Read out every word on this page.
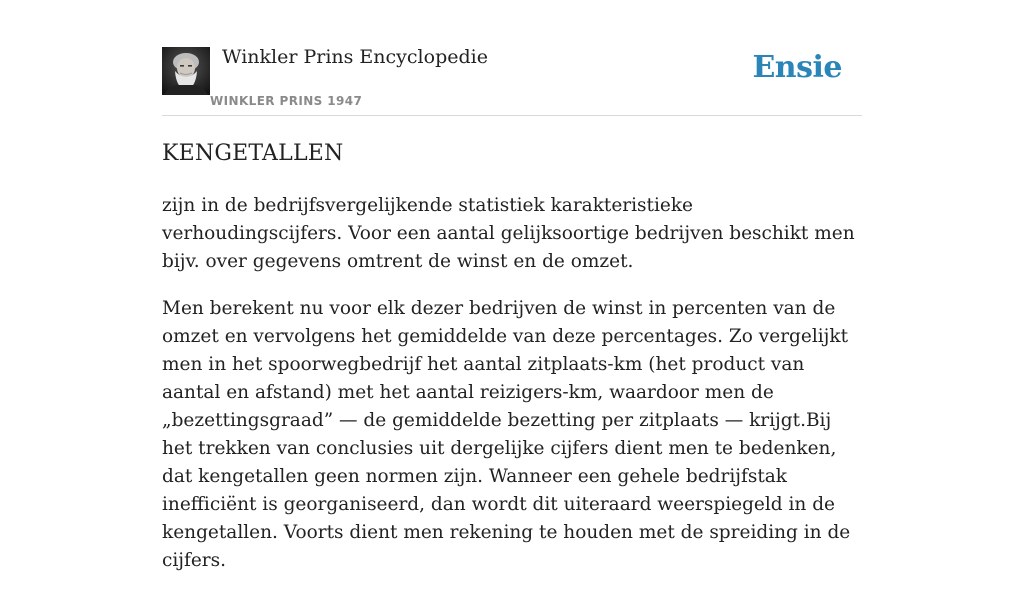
Winkler Prins Encyclopedie
WINKLER PRINS 1947
Ensie
KENGETALLEN

zijn in de bedrijfsvergelijkende statistiek karakteristieke verhoudingscijfers. Voor een aantal gelijksoortige bedrijven beschikt men bijv. over gegevens omtrent de winst en de omzet.

Men berekent nu voor elk dezer bedrijven de winst in percenten van de omzet en vervolgens het gemiddelde van deze percentages. Zo vergelijkt men in het spoorwegbedrijf het aantal zitplaats-km (het product van aantal en afstand) met het aantal reizigers-km, waardoor men de „bezettingsgraad” — de gemiddelde bezetting per zitplaats — krijgt.Bij het trekken van conclusies uit dergelijke cijfers dient men te bedenken, dat kengetallen geen normen zijn. Wanneer een gehele bedrijfstak inefficiënt is georganiseerd, dan wordt dit uiteraard weerspiegeld in de kengetallen. Voorts dient men rekening te houden met de spreiding in de cijfers.
